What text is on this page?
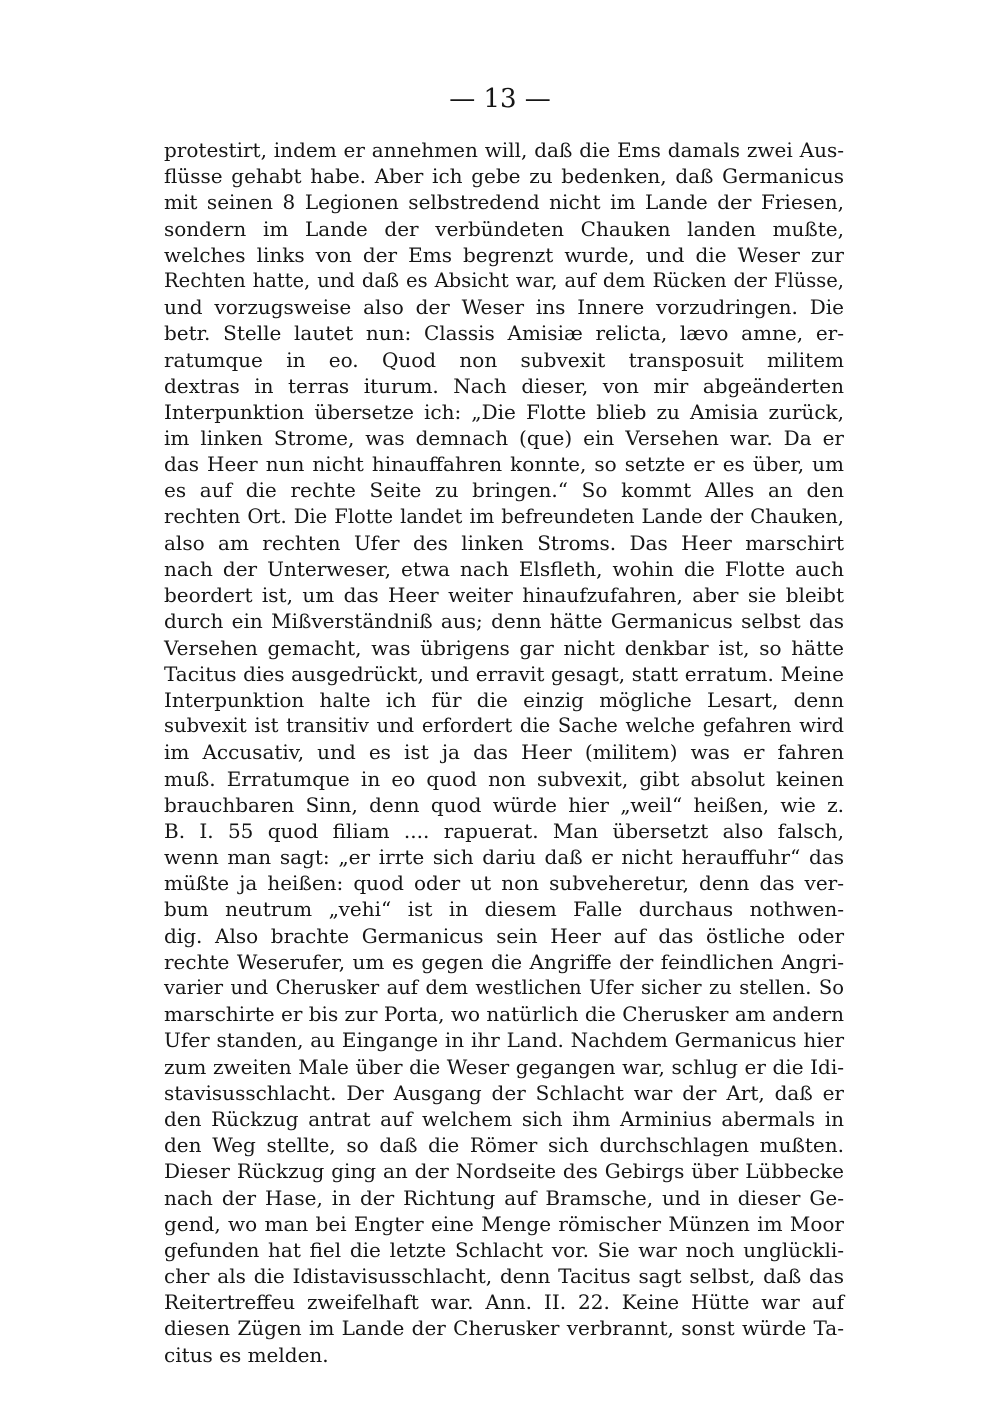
— 13 —
protestirt, indem er annehmen will, daß die Ems damals zwei Aus-
flüsse gehabt habe. Aber ich gebe zu bedenken, daß Germanicus
mit seinen 8 Legionen selbstredend nicht im Lande der Friesen,
sondern im Lande der verbündeten Chauken landen mußte,
welches links von der Ems begrenzt wurde, und die Weser zur
Rechten hatte, und daß es Absicht war, auf dem Rücken der Flüsse,
und vorzugsweise also der Weser ins Innere vorzudringen. Die
betr. Stelle lautet nun: Classis Amisiæ relicta, lævo amne, er-
ratumque in eo. Quod non subvexit transposuit militem
dextras in terras iturum. Nach dieser, von mir abgeänderten
Interpunktion übersetze ich: „Die Flotte blieb zu Amisia zurück,
im linken Strome, was demnach (que) ein Versehen war. Da er
das Heer nun nicht hinauffahren konnte, so setzte er es über, um
es auf die rechte Seite zu bringen.“ So kommt Alles an den
rechten Ort. Die Flotte landet im befreundeten Lande der Chauken,
also am rechten Ufer des linken Stroms. Das Heer marschirt
nach der Unterweser, etwa nach Elsfleth, wohin die Flotte auch
beordert ist, um das Heer weiter hinaufzufahren, aber sie bleibt
durch ein Mißverständniß aus; denn hätte Germanicus selbst das
Versehen gemacht, was übrigens gar nicht denkbar ist, so hätte
Tacitus dies ausgedrückt, und erravit gesagt, statt erratum. Meine
Interpunktion halte ich für die einzig mögliche Lesart, denn
subvexit ist transitiv und erfordert die Sache welche gefahren wird
im Accusativ, und es ist ja das Heer (militem) was er fahren
muß. Erratumque in eo quod non subvexit, gibt absolut keinen
brauchbaren Sinn, denn quod würde hier „weil“ heißen, wie z.
B. I. 55 quod filiam .... rapuerat. Man übersetzt also falsch,
wenn man sagt: „er irrte sich dariu daß er nicht herauffuhr“ das
müßte ja heißen: quod oder ut non subveheretur, denn das ver-
bum neutrum „vehi“ ist in diesem Falle durchaus nothwen-
dig. Also brachte Germanicus sein Heer auf das östliche oder
rechte Weserufer, um es gegen die Angriffe der feindlichen Angri-
varier und Cherusker auf dem westlichen Ufer sicher zu stellen. So
marschirte er bis zur Porta, wo natürlich die Cherusker am andern
Ufer standen, au Eingange in ihr Land. Nachdem Germanicus hier
zum zweiten Male über die Weser gegangen war, schlug er die Idi-
stavisusschlacht. Der Ausgang der Schlacht war der Art, daß er
den Rückzug antrat auf welchem sich ihm Arminius abermals in
den Weg stellte, so daß die Römer sich durchschlagen mußten.
Dieser Rückzug ging an der Nordseite des Gebirgs über Lübbecke
nach der Hase, in der Richtung auf Bramsche, und in dieser Ge-
gend, wo man bei Engter eine Menge römischer Münzen im Moor
gefunden hat fiel die letzte Schlacht vor. Sie war noch unglückli-
cher als die Idistavisusschlacht, denn Tacitus sagt selbst, daß das
Reitertreffeu zweifelhaft war. Ann. II. 22. Keine Hütte war auf
diesen Zügen im Lande der Cherusker verbrannt, sonst würde Ta-
citus es melden.
